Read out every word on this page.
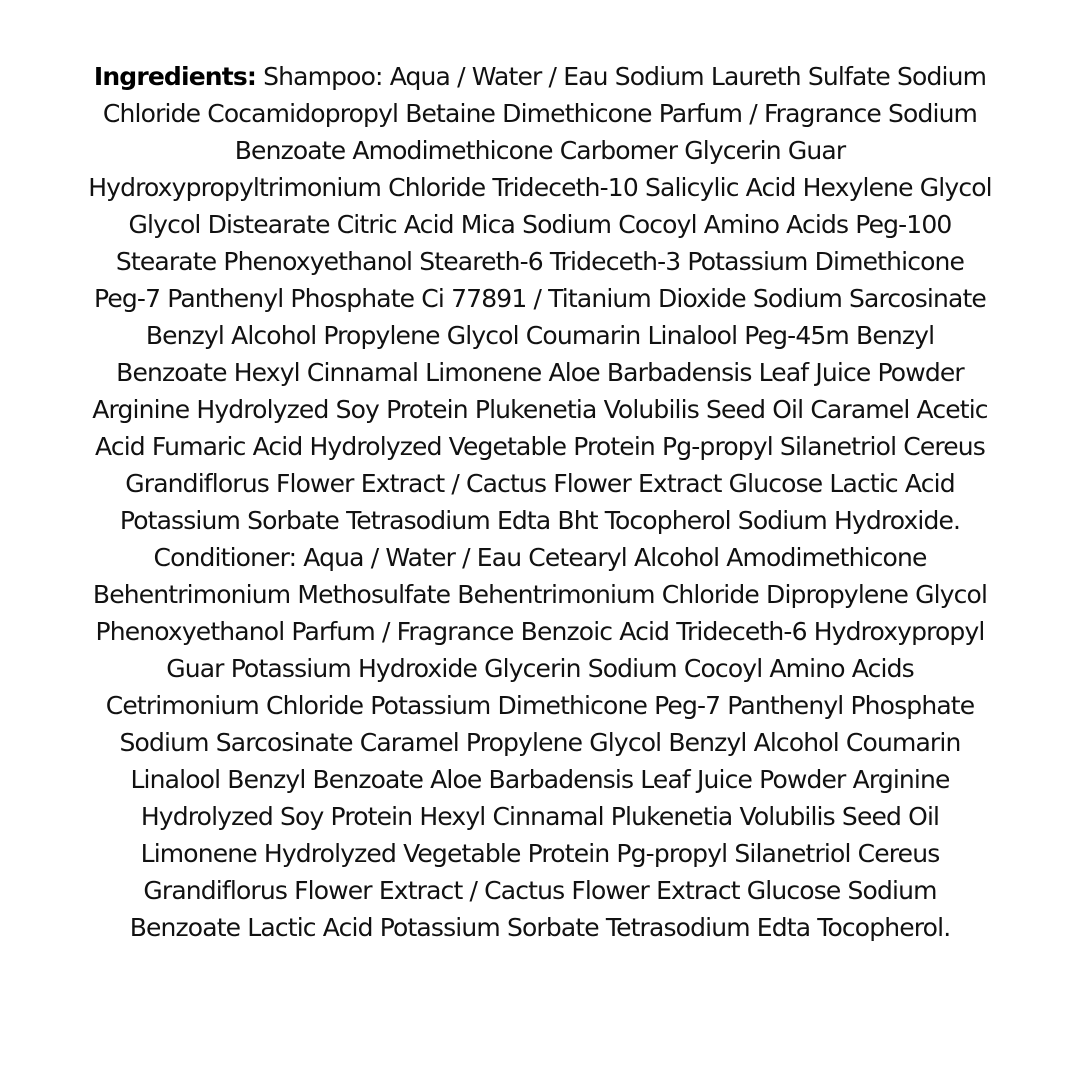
Ingredients: Shampoo: Aqua / Water / Eau Sodium Laureth Sulfate Sodium Chloride Cocamidopropyl Betaine Dimethicone Parfum / Fragrance Sodium Benzoate Amodimethicone Carbomer Glycerin Guar Hydroxypropyltrimonium Chloride Trideceth-10 Salicylic Acid Hexylene Glycol Glycol Distearate Citric Acid Mica Sodium Cocoyl Amino Acids Peg-100 Stearate Phenoxyethanol Steareth-6 Trideceth-3 Potassium Dimethicone Peg-7 Panthenyl Phosphate Ci 77891 / Titanium Dioxide Sodium Sarcosinate Benzyl Alcohol Propylene Glycol Coumarin Linalool Peg-45m Benzyl Benzoate Hexyl Cinnamal Limonene Aloe Barbadensis Leaf Juice Powder Arginine Hydrolyzed Soy Protein Plukenetia Volubilis Seed Oil Caramel Acetic Acid Fumaric Acid Hydrolyzed Vegetable Protein Pg-propyl Silanetriol Cereus Grandiflorus Flower Extract / Cactus Flower Extract Glucose Lactic Acid Potassium Sorbate Tetrasodium Edta Bht Tocopherol Sodium Hydroxide.

Conditioner: Aqua / Water / Eau Cetearyl Alcohol Amodimethicone Behentrimonium Methosulfate Behentrimonium Chloride Dipropylene Glycol Phenoxyethanol Parfum / Fragrance Benzoic Acid Trideceth-6 Hydroxypropyl Guar Potassium Hydroxide Glycerin Sodium Cocoyl Amino Acids Cetrimonium Chloride Potassium Dimethicone Peg-7 Panthenyl Phosphate Sodium Sarcosinate Caramel Propylene Glycol Benzyl Alcohol Coumarin Linalool Benzyl Benzoate Aloe Barbadensis Leaf Juice Powder Arginine Hydrolyzed Soy Protein Hexyl Cinnamal Plukenetia Volubilis Seed Oil Limonene Hydrolyzed Vegetable Protein Pg-propyl Silanetriol Cereus Grandiflorus Flower Extract / Cactus Flower Extract Glucose Sodium Benzoate Lactic Acid Potassium Sorbate Tetrasodium Edta Tocopherol.
